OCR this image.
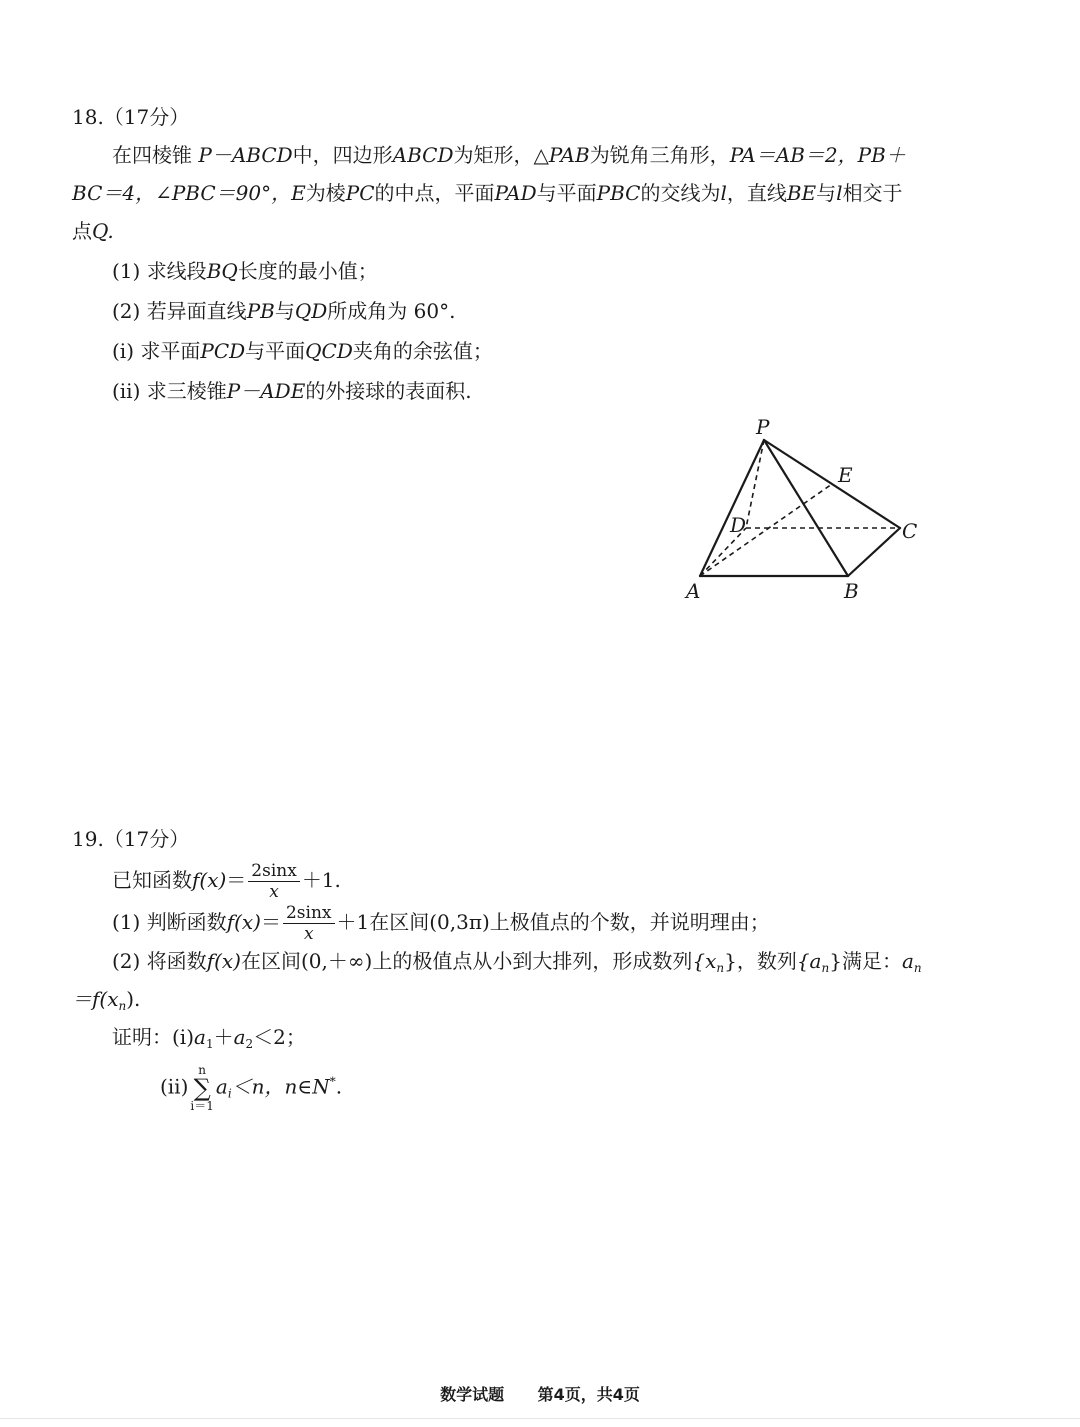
18.（17分）
在四棱锥 P－ABCD中，四边形ABCD为矩形，△PAB为锐角三角形，PA＝AB＝2，PB＋
BC＝4，∠PBC＝90°，E为棱PC的中点，平面PAD与平面PBC的交线为l，直线BE与l相交于
点Q.
(1) 求线段BQ长度的最小值；
(2) 若异面直线PB与QD所成角为 60°.
(ⅰ) 求平面PCD与平面QCD夹角的余弦值；
(ⅱ) 求三棱锥P－ADE的外接球的表面积.
P
E
D	C
A	B
19.（17分）
已知函数$f(x)= \frac{2\sin x}{x} +1$.
(1) 判断函数$f(x)= \frac{2\sin x}{x} +1$在区间(0,3π)上极值点的个数，并说明理由；
(2) 将函数f(x)在区间(0,＋∞)上的极值点从小到大排列，形成数列$\{x_n\}$，数列$\{a_n\}$满足：$a_n$
$=f(x_n)$.
证明：$(ⅰ)a_1+a_2<2$；
(ⅱ)n
∑
$i=1a_i<n$，n∈N*.
数学试题 第4页，共4页
